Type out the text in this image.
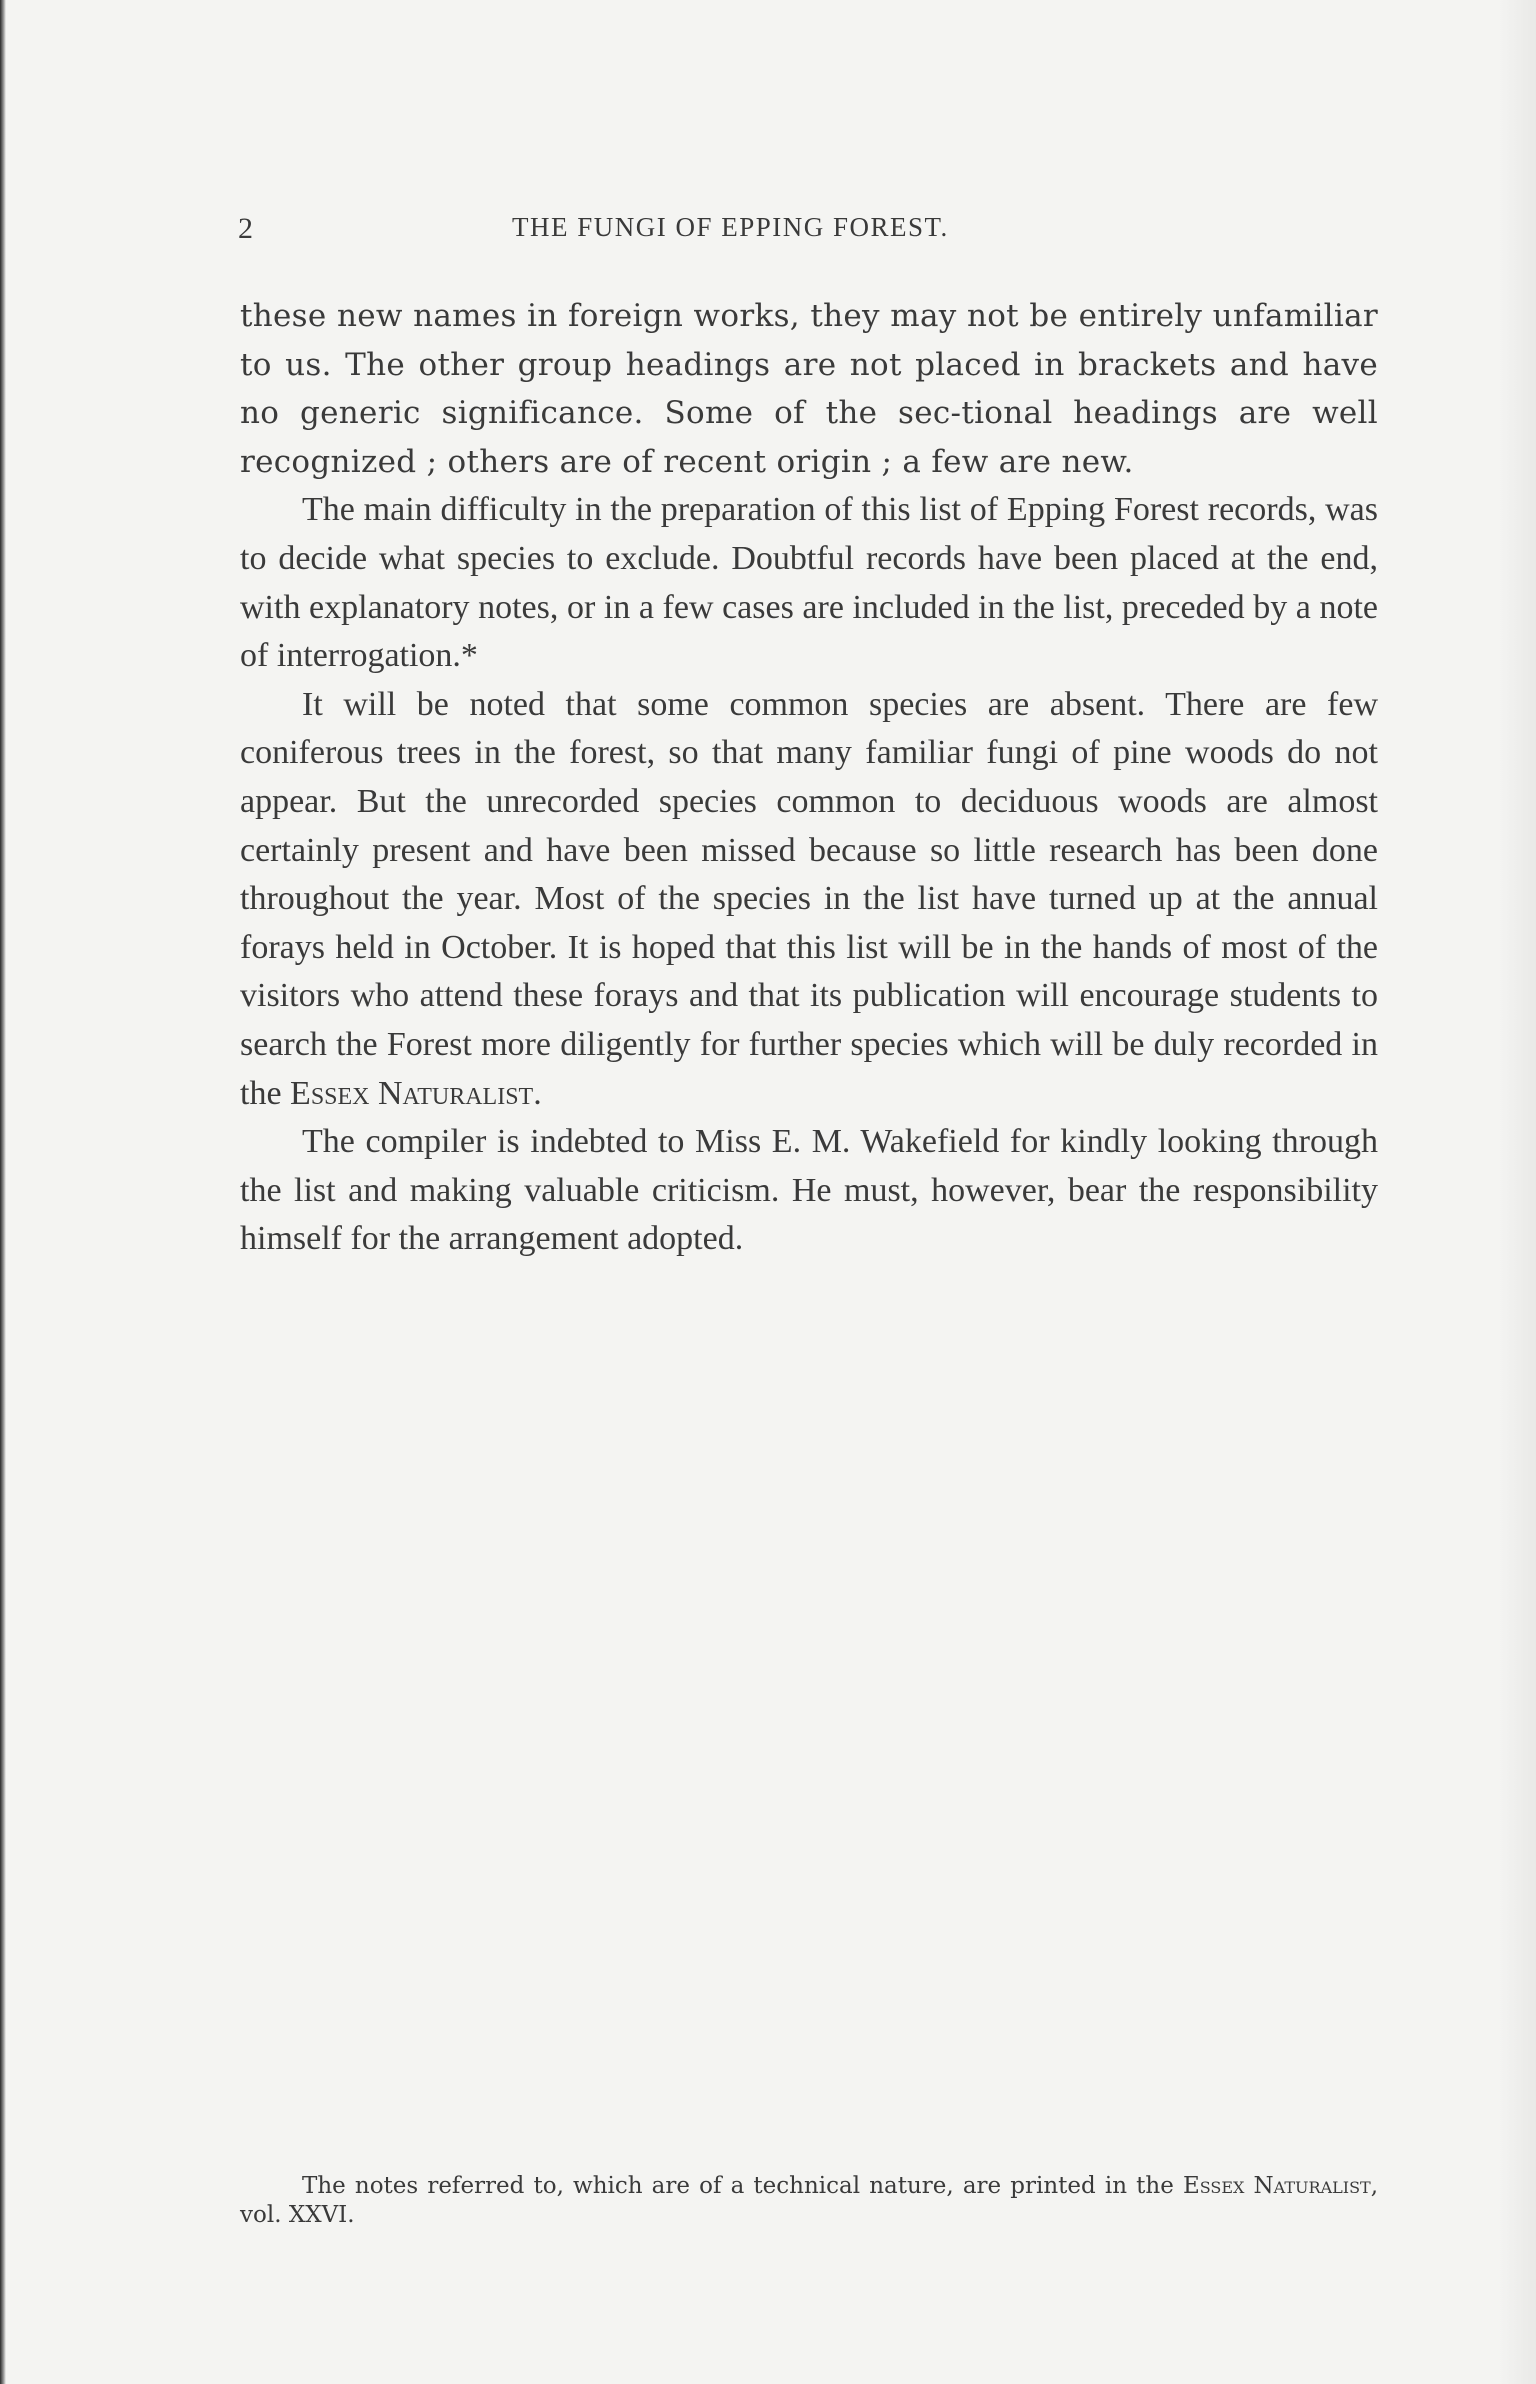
2	THE FUNGI OF EPPING FOREST.

these new names in foreign works, they may not be entirely unfamiliar to us. The other group headings are not placed in brackets and have no generic significance. Some of the sec-tional headings are well recognized ; others are of recent origin ; a few are new.

The main difficulty in the preparation of this list of Epping Forest records, was to decide what species to exclude. Doubtful records have been placed at the end, with explanatory notes, or in a few cases are included in the list, preceded by a note of interrogation.*

It will be noted that some common species are absent. There are few coniferous trees in the forest, so that many familiar fungi of pine woods do not appear. But the unrecorded species common to deciduous woods are almost certainly present and have been missed because so little research has been done throughout the year. Most of the species in the list have turned up at the annual forays held in October. It is hoped that this list will be in the hands of most of the visitors who attend these forays and that its publication will encourage students to search the Forest more diligently for further species which will be duly recorded in the Essex Naturalist.

The compiler is indebted to Miss E. M. Wakefield for kindly looking through the list and making valuable criticism. He must, however, bear the responsibility himself for the arrangement adopted.

The notes referred to, which are of a technical nature, are printed in the Essex Naturalist, vol. XXVI.
